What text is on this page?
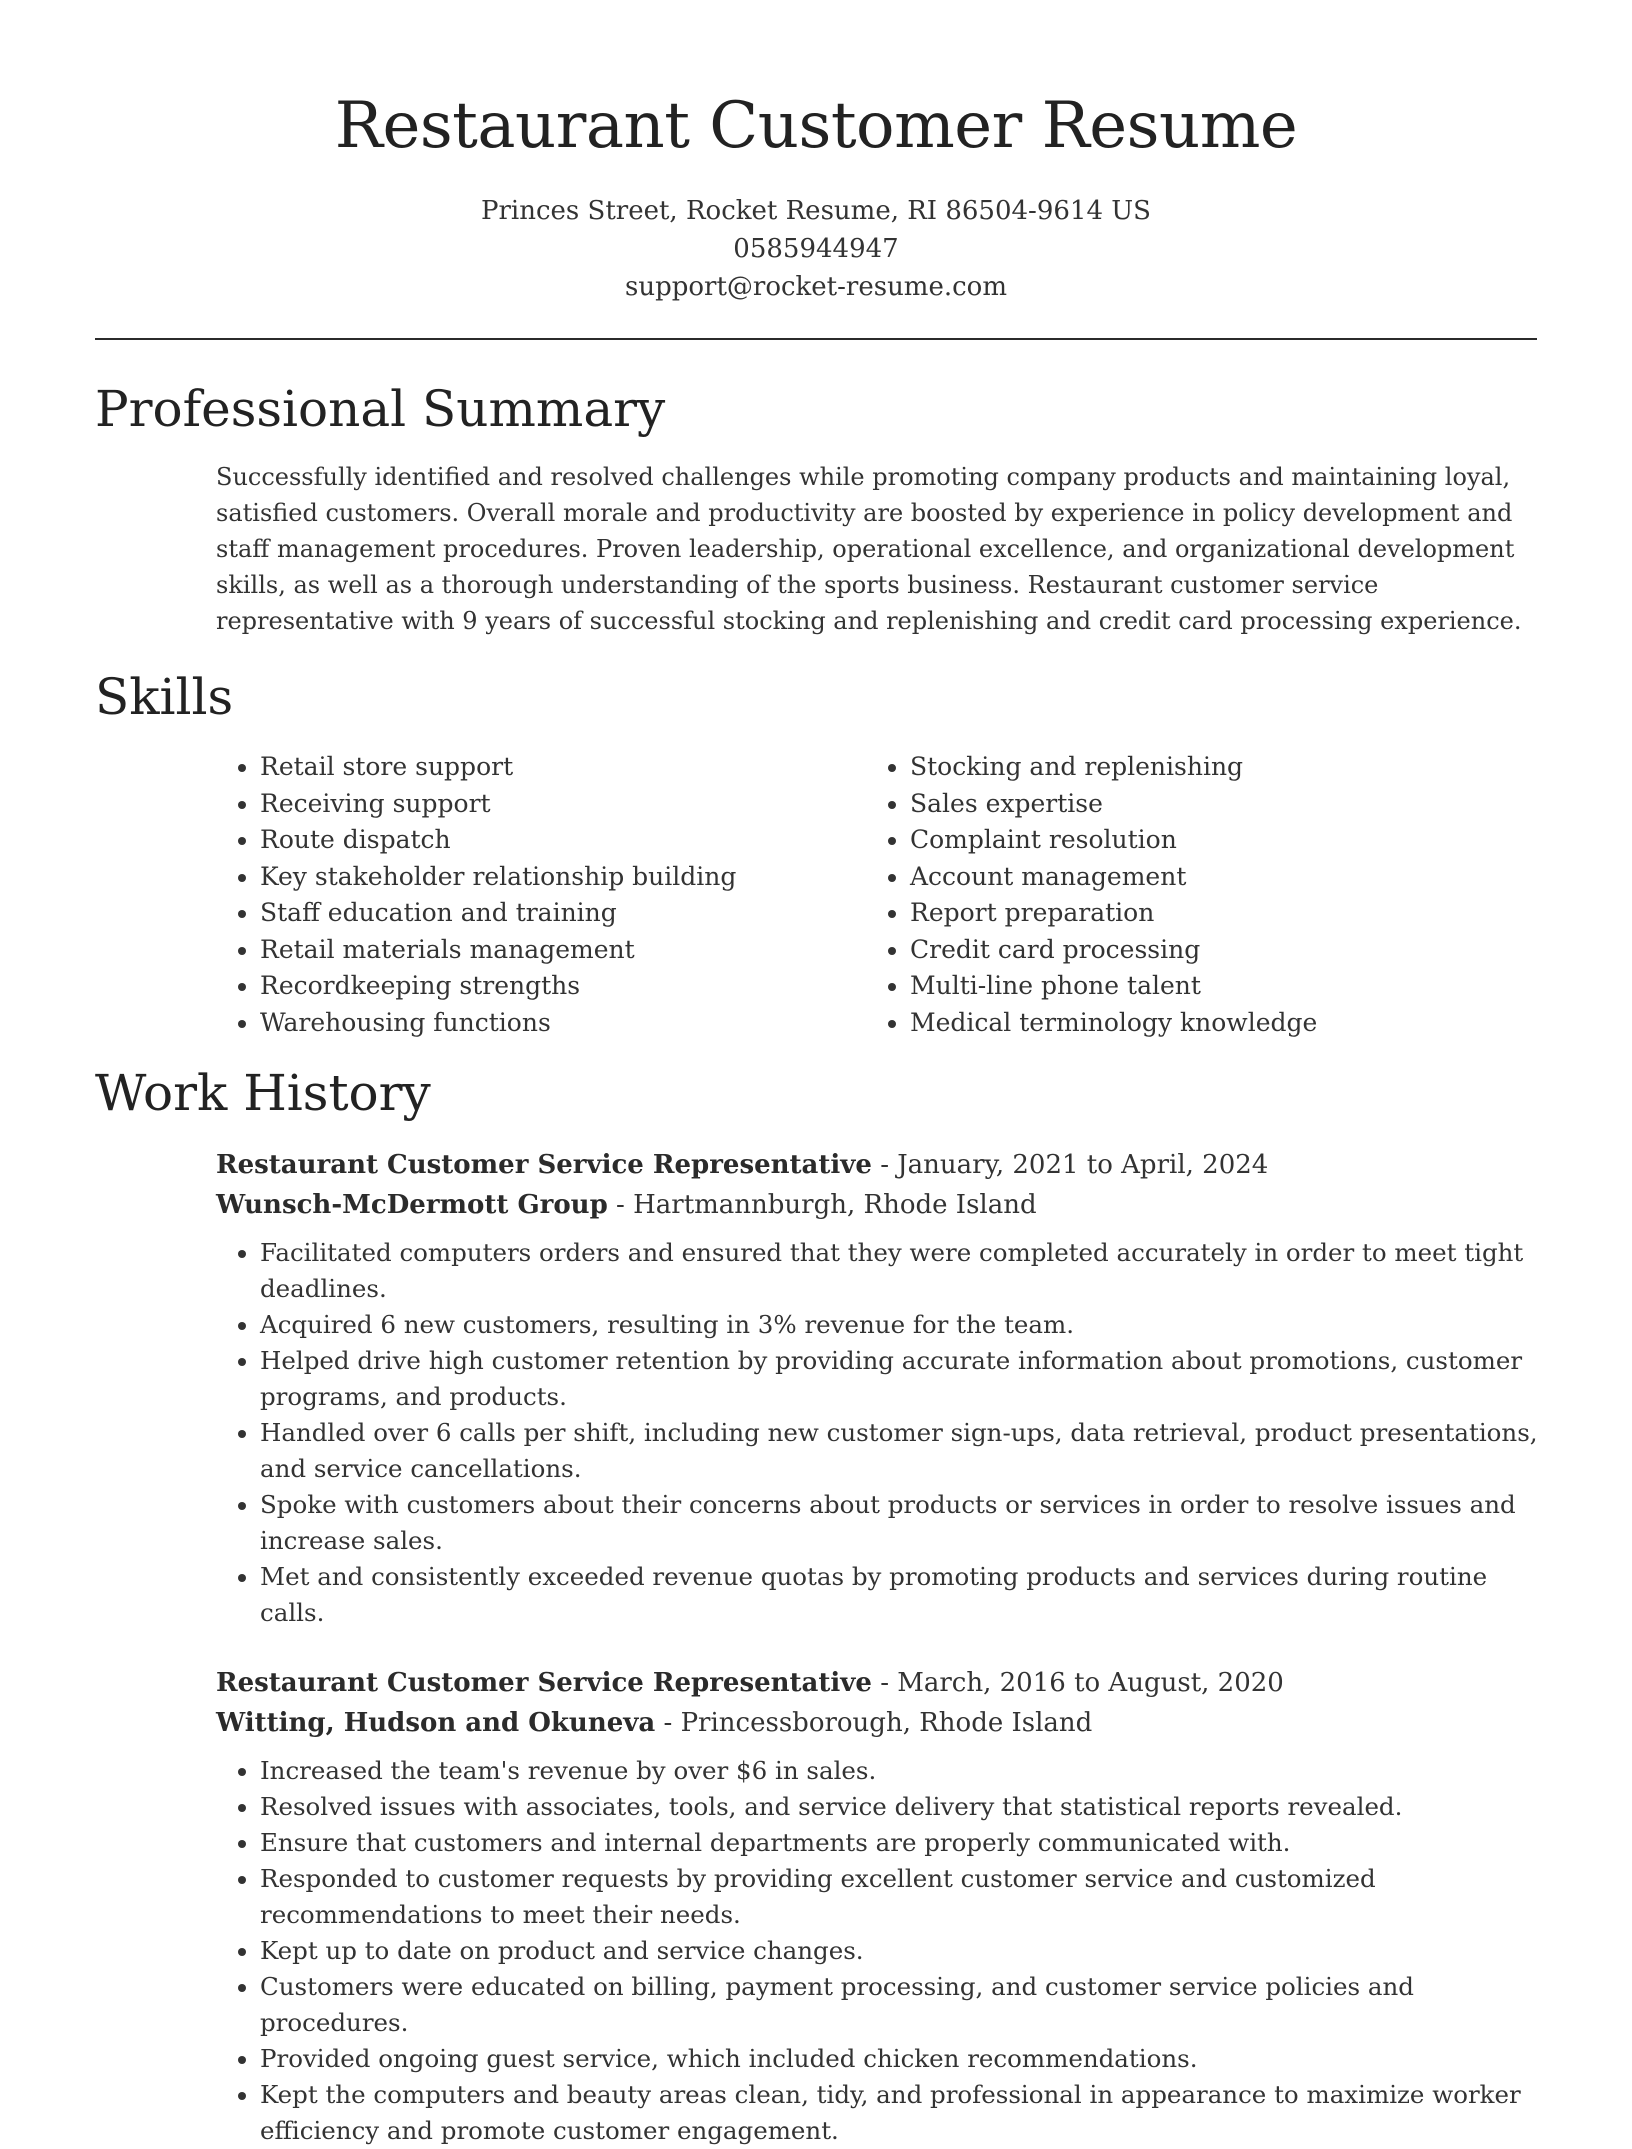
Restaurant Customer Resume
Princes Street, Rocket Resume, RI 86504-9614 US
0585944947
support@rocket-resume.com
Professional Summary

Successfully identified and resolved challenges while promoting company products and maintaining loyal, satisfied customers. Overall morale and productivity are boosted by experience in policy development and staff management procedures. Proven leadership, operational excellence, and organizational development skills, as well as a thorough understanding of the sports business. Restaurant customer service representative with 9 years of successful stocking and replenishing and credit card processing experience.

Skills
• Retail store support
• Receiving support
• Route dispatch
• Key stakeholder relationship building
• Staff education and training
• Retail materials management
• Recordkeeping strengths
• Warehousing functions
• Stocking and replenishing
• Sales expertise
• Complaint resolution
• Account management
• Report preparation
• Credit card processing
• Multi-line phone talent
• Medical terminology knowledge
Work History
Restaurant Customer Service Representative - January, 2021 to April, 2024
Wunsch-McDermott Group - Hartmannburgh, Rhode Island
• Facilitated computers orders and ensured that they were completed accurately in order to meet tight deadlines.
• Acquired 6 new customers, resulting in 3% revenue for the team.
• Helped drive high customer retention by providing accurate information about promotions, customer programs, and products.
• Handled over 6 calls per shift, including new customer sign-ups, data retrieval, product presentations, and service cancellations.
• Spoke with customers about their concerns about products or services in order to resolve issues and increase sales.
• Met and consistently exceeded revenue quotas by promoting products and services during routine calls.
Restaurant Customer Service Representative - March, 2016 to August, 2020
Witting, Hudson and Okuneva - Princessborough, Rhode Island
• Increased the team's revenue by over $6 in sales.
• Resolved issues with associates, tools, and service delivery that statistical reports revealed.
• Ensure that customers and internal departments are properly communicated with.
• Responded to customer requests by providing excellent customer service and customized recommendations to meet their needs.
• Kept up to date on product and service changes.
• Customers were educated on billing, payment processing, and customer service policies and procedures.
• Provided ongoing guest service, which included chicken recommendations.
• Kept the computers and beauty areas clean, tidy, and professional in appearance to maximize worker efficiency and promote customer engagement.
